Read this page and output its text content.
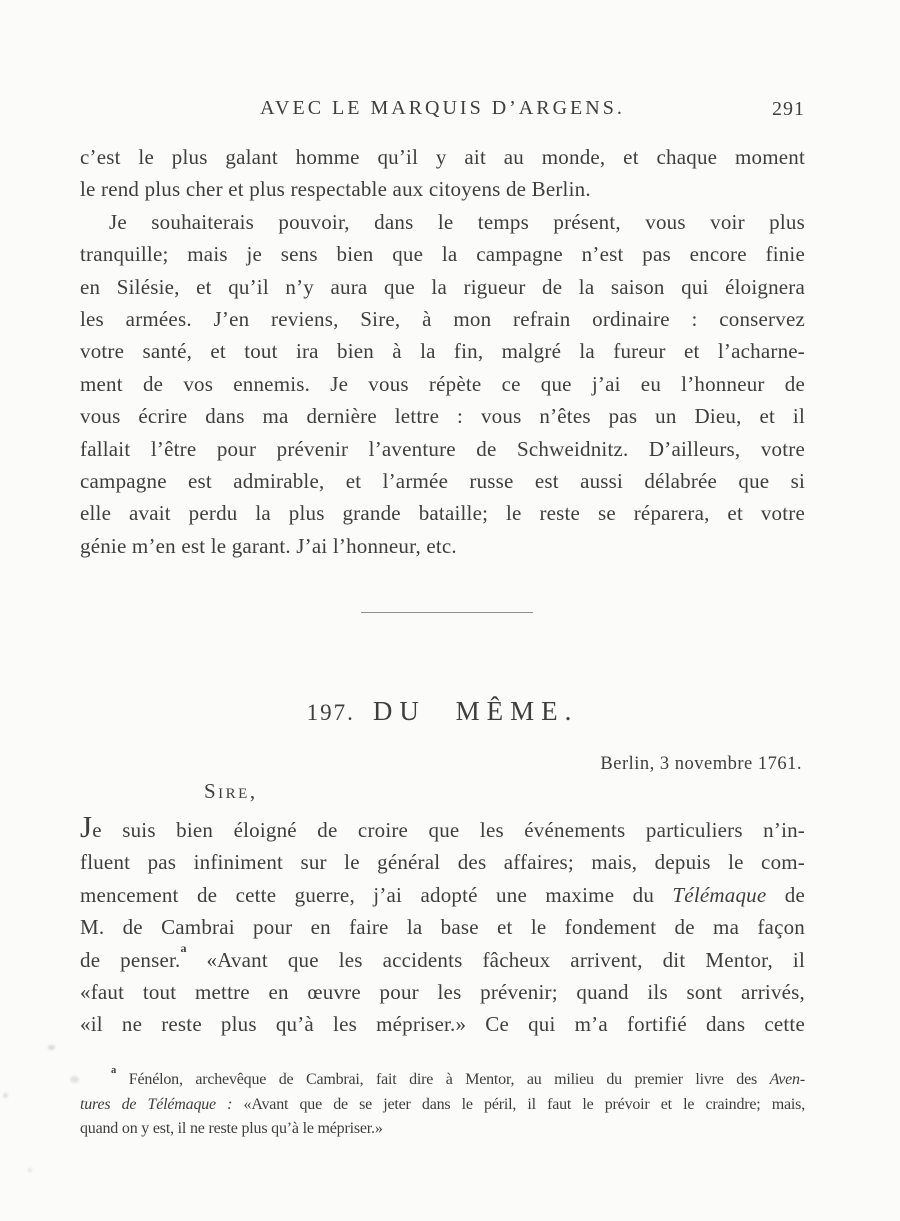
AVEC LE MARQUIS D’ARGENS.	291
c’est le plus galant homme qu’il y ait au monde, et chaque moment
le rend plus cher et plus respectable aux citoyens de Berlin.
Je souhaiterais pouvoir, dans le temps présent, vous voir plus
tranquille; mais je sens bien que la campagne n’est pas encore finie
en Silésie, et qu’il n’y aura que la rigueur de la saison qui éloignera
les armées. J’en reviens, Sire, à mon refrain ordinaire : conservez
votre santé, et tout ira bien à la fin, malgré la fureur et l’acharne-
ment de vos ennemis. Je vous répète ce que j’ai eu l’honneur de
vous écrire dans ma dernière lettre : vous n’êtes pas un Dieu, et il
fallait l’être pour prévenir l’aventure de Schweidnitz. D’ailleurs, votre
campagne est admirable, et l’armée russe est aussi délabrée que si
elle avait perdu la plus grande bataille; le reste se réparera, et votre
génie m’en est le garant. J’ai l’honneur, etc.
197. DU MÊME.
Berlin, 3 novembre 1761.
Sire,
Je suis bien éloigné de croire que les événements particuliers n’in-
fluent pas infiniment sur le général des affaires; mais, depuis le com-
mencement de cette guerre, j’ai adopté une maxime du Télémaque de
M. de Cambrai pour en faire la base et le fondement de ma façon
de penser.$^a$ «Avant que les accidents fâcheux arrivent, dit Mentor, il
«faut tout mettre en œuvre pour les prévenir; quand ils sont arrivés,
«il ne reste plus qu’à les mépriser.» Ce qui m’a fortifié dans cette
$^a$ Fénélon, archevêque de Cambrai, fait dire à Mentor, au milieu du premier livre des Aven-
tures de Télémaque : «Avant que de se jeter dans le péril, il faut le prévoir et le craindre; mais,
quand on y est, il ne reste plus qu’à le mépriser.»
